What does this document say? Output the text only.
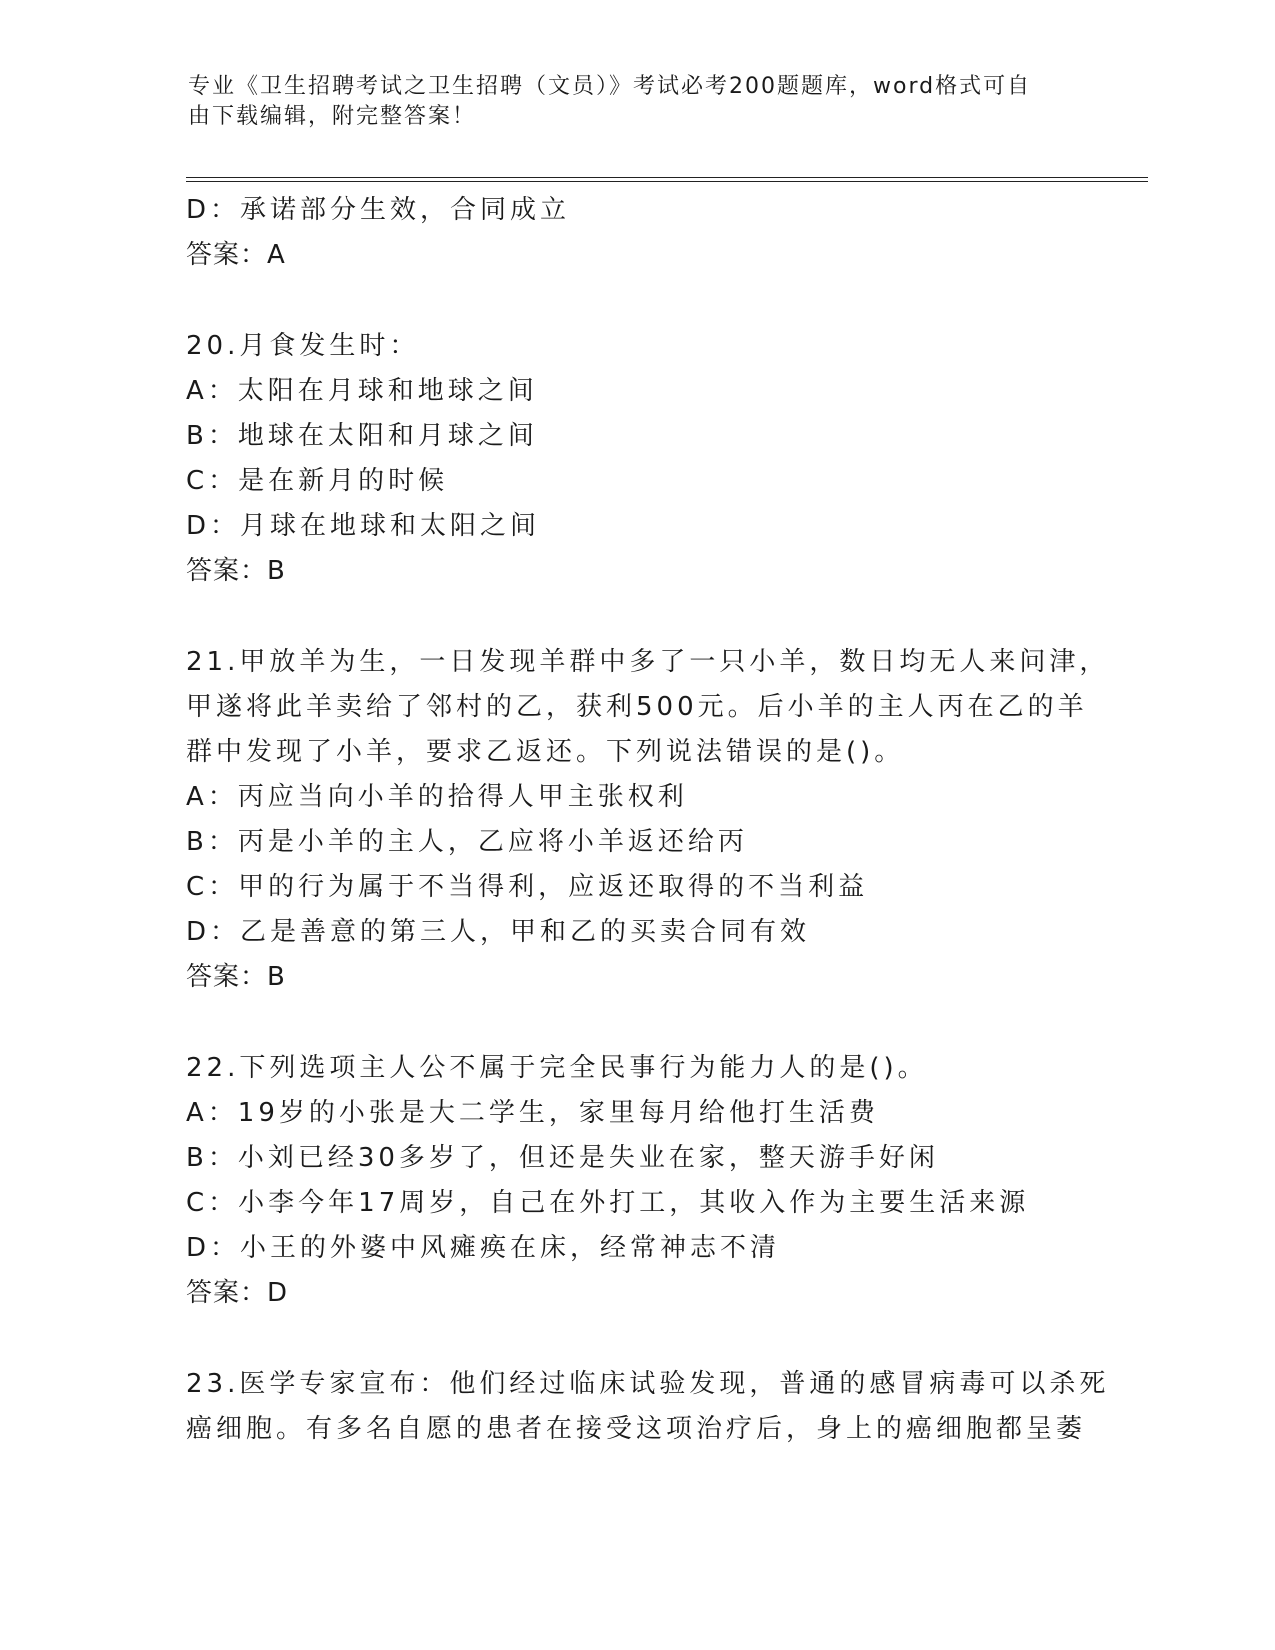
专业《卫生招聘考试之卫生招聘（文员）》考试必考200题题库，word格式可自
由下载编辑，附完整答案！
D：承诺部分生效，合同成立
答案：A
20.月食发生时：
A：太阳在月球和地球之间
B：地球在太阳和月球之间
C：是在新月的时候
D：月球在地球和太阳之间
答案：B
21.甲放羊为生，一日发现羊群中多了一只小羊，数日均无人来问津，
甲遂将此羊卖给了邻村的乙，获利500元。后小羊的主人丙在乙的羊
群中发现了小羊，要求乙返还。下列说法错误的是()。
A：丙应当向小羊的拾得人甲主张权利
B：丙是小羊的主人，乙应将小羊返还给丙
C：甲的行为属于不当得利，应返还取得的不当利益
D：乙是善意的第三人，甲和乙的买卖合同有效
答案：B
22.下列选项主人公不属于完全民事行为能力人的是()。
A：19岁的小张是大二学生，家里每月给他打生活费
B：小刘已经30多岁了，但还是失业在家，整天游手好闲
C：小李今年17周岁，自己在外打工，其收入作为主要生活来源
D：小王的外婆中风瘫痪在床，经常神志不清
答案：D
23.医学专家宣布：他们经过临床试验发现，普通的感冒病毒可以杀死
癌细胞。有多名自愿的患者在接受这项治疗后，身上的癌细胞都呈萎
